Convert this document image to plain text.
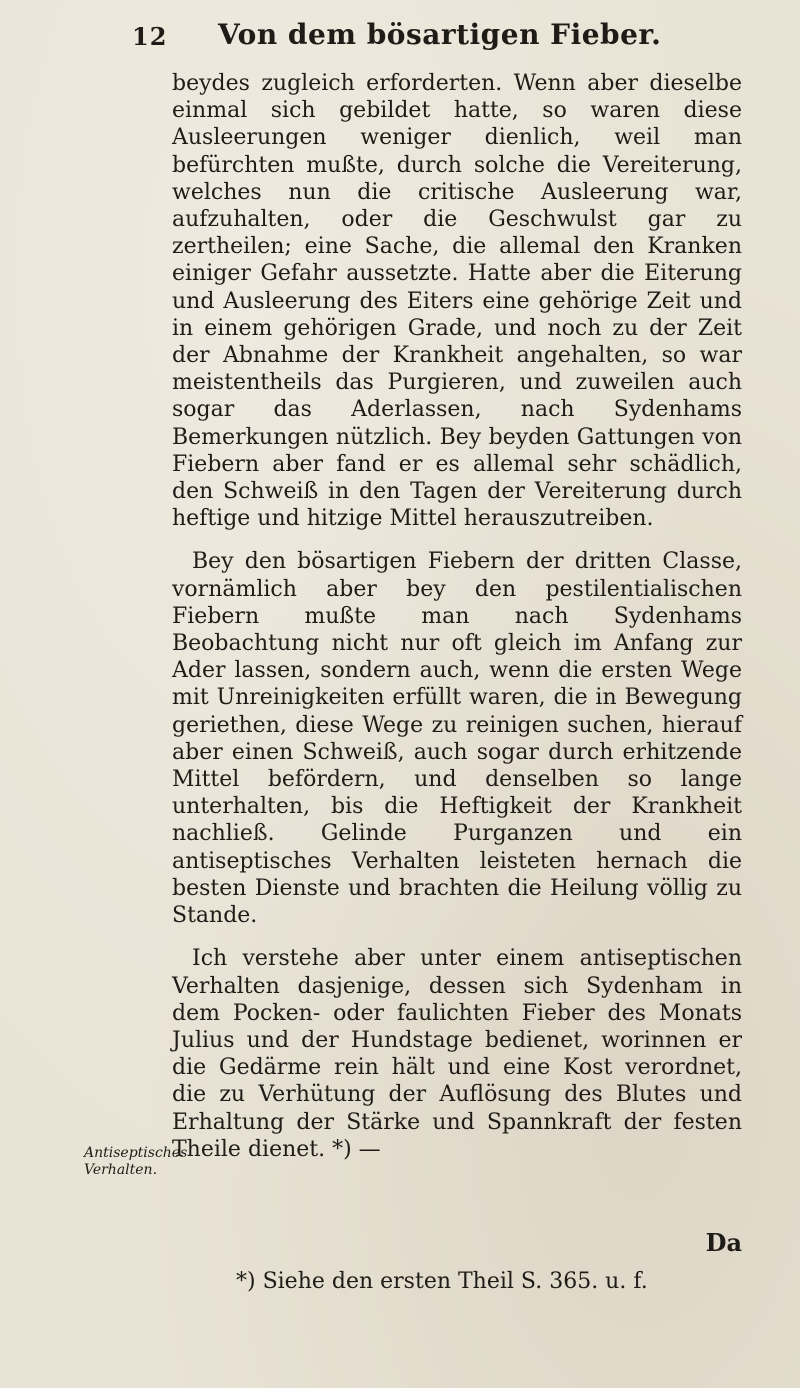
12 Von dem bösartigen Fieber.

beydes zugleich erforderten. Wenn aber dieselbe einmal sich gebildet hatte, so waren diese Ausleerungen weniger dienlich, weil man befürchten mußte, durch solche die Vereiterung, welches nun die critische Ausleerung war, aufzuhalten, oder die Geschwulst gar zu zertheilen; eine Sache, die allemal den Kranken einiger Gefahr aussetzte. Hatte aber die Eiterung und Ausleerung des Eiters eine gehörige Zeit und in einem gehörigen Grade, und noch zu der Zeit der Abnahme der Krankheit angehalten, so war meistentheils das Purgieren, und zuweilen auch sogar das Aderlassen, nach Sydenhams Bemerkungen nützlich. Bey beyden Gattungen von Fiebern aber fand er es allemal sehr schädlich, den Schweiß in den Tagen der Vereiterung durch heftige und hitzige Mittel herauszutreiben.

Bey den bösartigen Fiebern der dritten Classe, vornämlich aber bey den pestilentialischen Fiebern mußte man nach Sydenhams Beobachtung nicht nur oft gleich im Anfang zur Ader lassen, sondern auch, wenn die ersten Wege mit Unreinigkeiten erfüllt waren, die in Bewegung geriethen, diese Wege zu reinigen suchen, hierauf aber einen Schweiß, auch sogar durch erhitzende Mittel befördern, und denselben so lange unterhalten, bis die Heftigkeit der Krankheit nachließ. Gelinde Purganzen und ein antiseptisches Verhalten leisteten hernach die besten Dienste und brachten die Heilung völlig zu Stande.

Ich verstehe aber unter einem antiseptischen Verhalten dasjenige, dessen sich Sydenham in dem Pocken- oder faulichten Fieber des Monats Julius und der Hundstage bedienet, worinnen er die Gedärme rein hält und eine Kost verordnet, die zu Verhütung der Auflösung des Blutes und Erhaltung der Stärke und Spannkraft der festen Theile dienet. *) —

Antiseptisches Verhalten.
Da
*) Siehe den ersten Theil S. 365. u. f.
